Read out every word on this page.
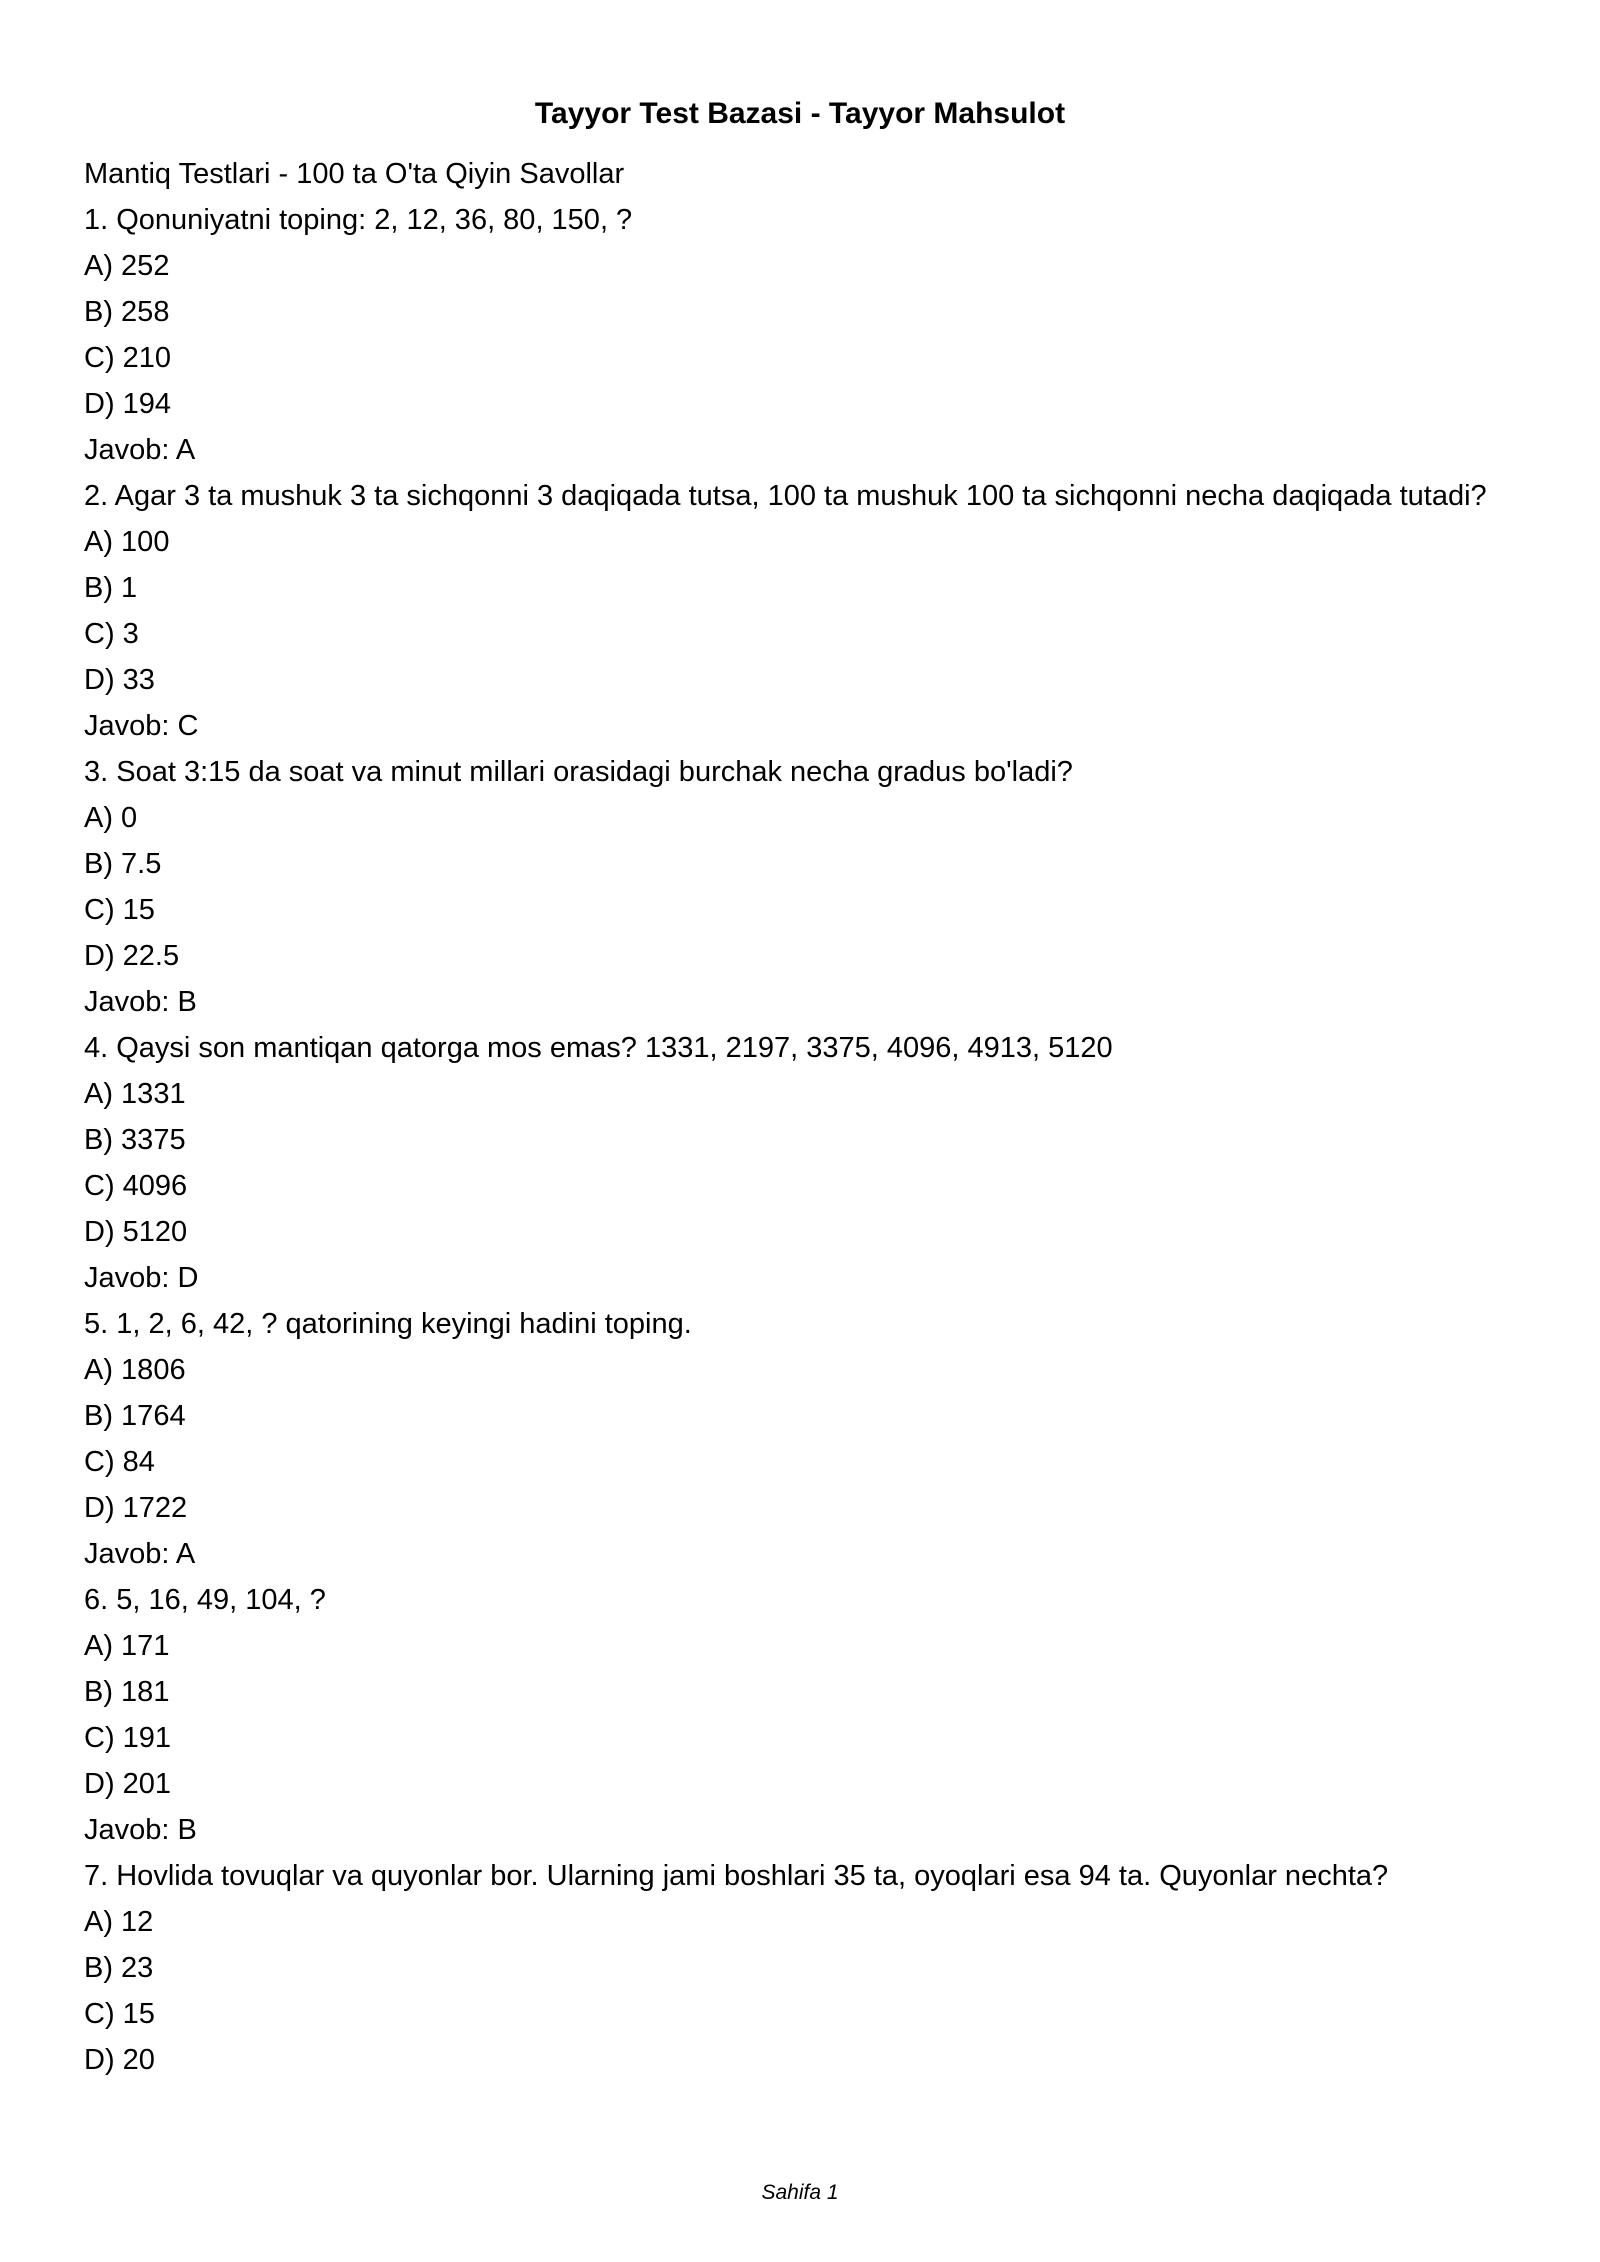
Tayyor Test Bazasi - Tayyor Mahsulot
Mantiq Testlari - 100 ta O'ta Qiyin Savollar
1. Qonuniyatni toping: 2, 12, 36, 80, 150, ?
A) 252
B) 258
C) 210
D) 194
Javob: A
2. Agar 3 ta mushuk 3 ta sichqonni 3 daqiqada tutsa, 100 ta mushuk 100 ta sichqonni necha daqiqada tutadi?
A) 100
B) 1
C) 3
D) 33
Javob: C
3. Soat 3:15 da soat va minut millari orasidagi burchak necha gradus bo'ladi?
A) 0
B) 7.5
C) 15
D) 22.5
Javob: B
4. Qaysi son mantiqan qatorga mos emas? 1331, 2197, 3375, 4096, 4913, 5120
A) 1331
B) 3375
C) 4096
D) 5120
Javob: D
5. 1, 2, 6, 42, ? qatorining keyingi hadini toping.
A) 1806
B) 1764
C) 84
D) 1722
Javob: A
6. 5, 16, 49, 104, ?
A) 171
B) 181
C) 191
D) 201
Javob: B
7. Hovlida tovuqlar va quyonlar bor. Ularning jami boshlari 35 ta, oyoqlari esa 94 ta. Quyonlar nechta?
A) 12
B) 23
C) 15
D) 20
Sahifa 1
